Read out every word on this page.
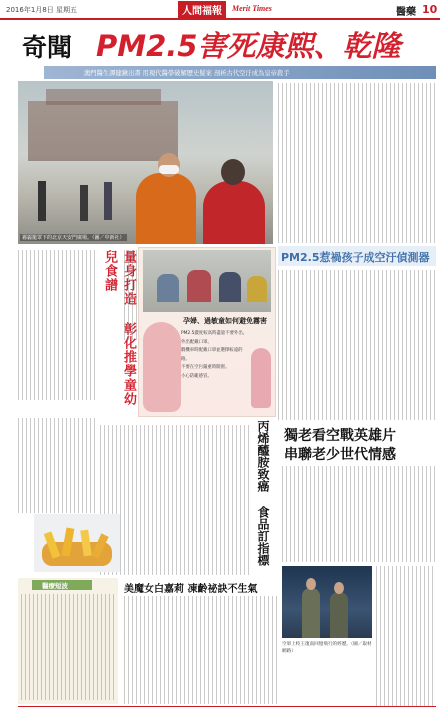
2016年1月8日 星期五	人間福報	Merit Times	醫藥 10
奇聞 PM2.5害死康熙、乾隆
澳門醫生譚健鍬出書 用現代醫學破解歷史疑案 剖析古代空汙成為皇帝殺手
霧霾籠罩下的北京天安門廣場。（圖／中新社）
量身打造 彰化推學童幼兒食譜
孕婦、過敏童如何避免霧害
PM2.5濃度較高時盡量不要外出。
外出配戴口罩。
騎機車時配戴口罩並選擇較遠的路。
不要在空污嚴重時開窗。
小心防範感冒。
PM2.5惹禍孩子成空汙偵測器
獨老看空戰英雄片
串聯老少世代情感
空軍上校王復南回憶飛行的經歷。（圖／取材網路）
丙烯醯胺致癌 食品訂指標
美魔女白嘉莉 凍齡祕訣不生氣
醫療短波
